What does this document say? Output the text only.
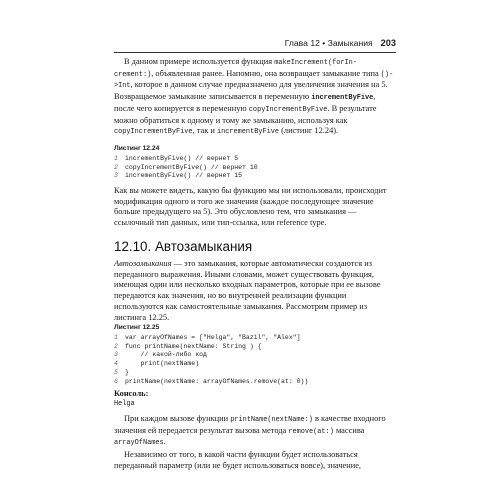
Глава 12 • Замыкания 203

В данном примере используется функция makeIncrement(forIn-crement:), объявленная ранее. Напомню, она возвращает замыкание типа ()->Int, которое в данном случае предназначено для увеличения значения на 5. Возвращаемое замыкание записывается в переменную incrementByFive, после чего копируется в переменную copyIncrementByFive. В результате можно обратиться к одному и тому же замыканию, используя как copyIncrementByFive, так и incrementByFive (листинг 12.24).

Листинг 12.24
1 incrementByFive() // вернет 5
2 copyIncrementByFive() // вернет 10
3 incrementByFive() // вернет 15

Как вы можете видеть, какую бы функцию мы ни использовали, происходит модификация одного и того же значения (каждое последующее значение больше предыдущего на 5). Это обусловлено тем, что замыкания — ссылочный тип данных, или тип-ссылка, или reference type.

12.10. Автозамыкания

Автозамыкания — это замыкания, которые автоматически создаются из переданного выражения. Иными словами, может существовать функция, имеющая один или несколько входных параметров, которые при ее вызове передаются как значения, но во внутренней реализации функции используются как самостоятельные замыкания. Рассмотрим пример из листинга 12.25.

Листинг 12.25
1 var arrayOfNames = ["Helga", "Bazil", "Alex"]
2 func printName(nextName: String ) {
3    // какой-либо код
4    print(nextName)
5 }
6 printName(nextName: arrayOfNames.remove(at: 0))
Консоль:
Helga

При каждом вызове функции printName(nextName:) в качестве входного значения ей передается результат вызова метода remove(at:) массива arrayOfNames.

Независимо от того, в какой части функции будет использоваться переданный параметр (или не будет использоваться вовсе), значение,
